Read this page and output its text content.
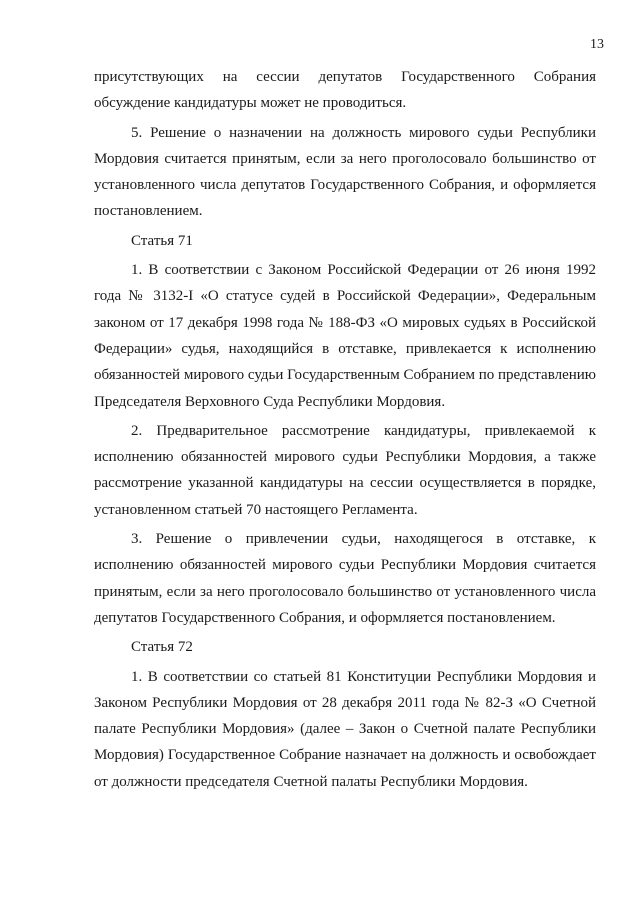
13

присутствующих на сессии депутатов Государственного Собрания обсуждение кандидатуры может не проводиться.

5. Решение о назначении на должность мирового судьи Республики Мордовия считается принятым, если за него проголосовало большинство от установленного числа депутатов Государственного Собрания, и оформляется постановлением.

Статья 71

1. В соответствии с Законом Российской Федерации от 26 июня 1992 года № 3132-I «О статусе судей в Российской Федерации», Федеральным законом от 17 декабря 1998 года № 188-ФЗ «О мировых судьях в Российской Федерации» судья, находящийся в отставке, привлекается к исполнению обязанностей мирового судьи Государственным Собранием по представлению Председателя Верховного Суда Республики Мордовия.

2. Предварительное рассмотрение кандидатуры, привлекаемой к исполнению обязанностей мирового судьи Республики Мордовия, а также рассмотрение указанной кандидатуры на сессии осуществляется в порядке, установленном статьей 70 настоящего Регламента.

3. Решение о привлечении судьи, находящегося в отставке, к исполнению обязанностей мирового судьи Республики Мордовия считается принятым, если за него проголосовало большинство от установленного числа депутатов Государственного Собрания, и оформляется постановлением.

Статья 72

1. В соответствии со статьей 81 Конституции Республики Мордовия и Законом Республики Мордовия от 28 декабря 2011 года № 82-З «О Счетной палате Республики Мордовия» (далее – Закон о Счетной палате Республики Мордовия) Государственное Собрание назначает на должность и освобождает от должности председателя Счетной палаты Республики Мордовия.
